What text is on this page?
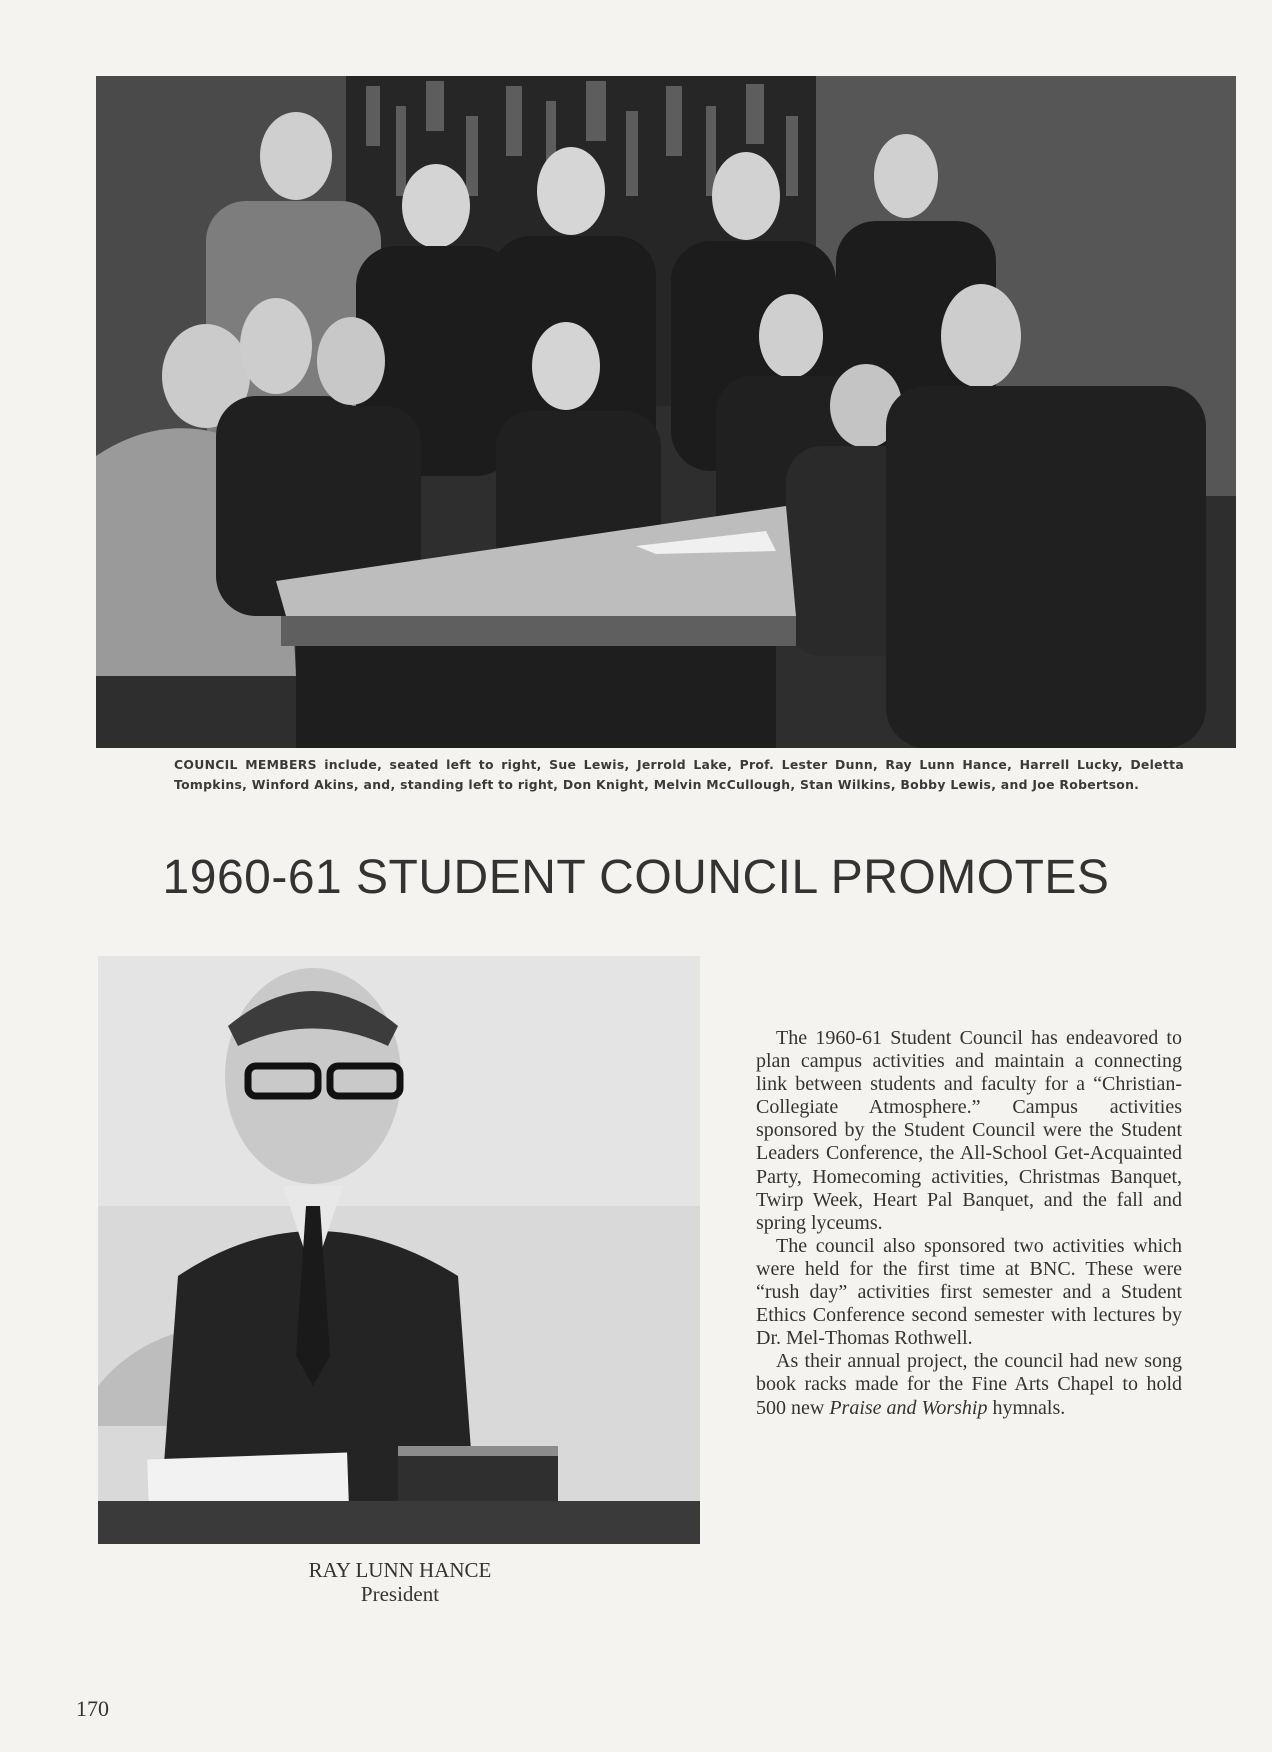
COUNCIL MEMBERS include, seated left to right, Sue Lewis, Jerrold Lake, Prof. Lester Dunn, Ray Lunn Hance, Harrell Lucky, Deletta Tompkins, Winford Akins, and, standing left to right, Don Knight, Melvin McCullough, Stan Wilkins, Bobby Lewis, and Joe Robertson.
1960-61 STUDENT COUNCIL PROMOTES

The 1960-61 Student Council has endeavored to plan campus activities and maintain a connecting link between students and faculty for a “Christian-Collegiate Atmosphere.” Campus activities sponsored by the Student Council were the Student Leaders Conference, the All-School Get-Acquainted Party, Homecoming activities, Christmas Banquet, Twirp Week, Heart Pal Banquet, and the fall and spring lyceums.

The council also sponsored two activities which were held for the first time at BNC. These were “rush day” activities first semester and a Student Ethics Conference second semester with lectures by Dr. Mel-Thomas Rothwell.

As their annual project, the council had new song book racks made for the Fine Arts Chapel to hold 500 new Praise and Worship hymnals.

RAY LUNN HANCE
President
170
